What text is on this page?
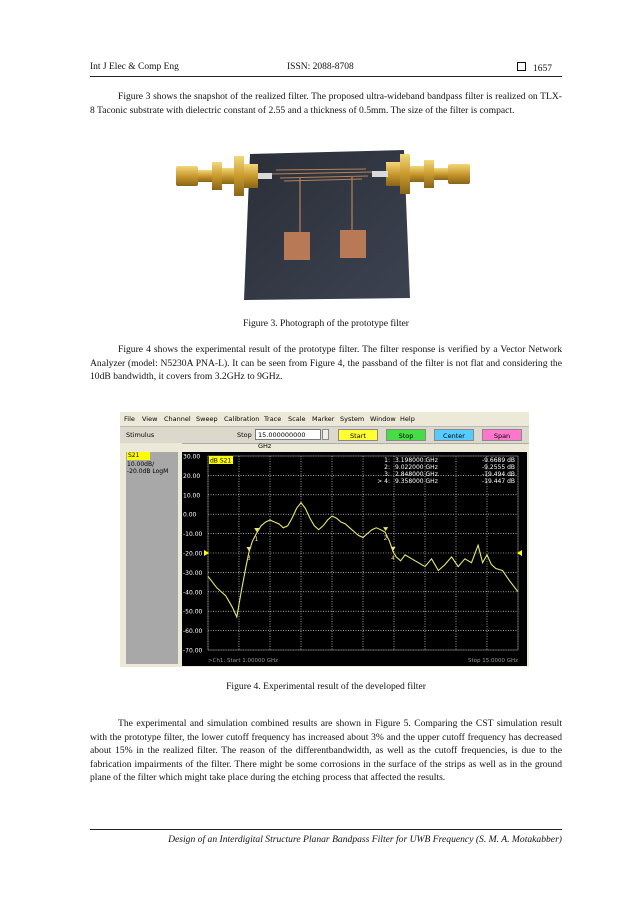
Int J Elec & Comp Eng	ISSN: 2088-8708	1657
Figure 3 shows the snapshot of the realized filter. The proposed ultra-wideband bandpass filter is realized on TLX-8 Taconic substrate with dielectric constant of 2.55 and a thickness of 0.5mm. The size of the filter is compact.
Figure 3. Photograph of the prototype filter
Figure 4 shows the experimental result of the prototype filter. The filter response is verified by a Vector Network Analyzer (model: N5230A PNA-L). It can be seen from Figure 4, the passband of the filter is not flat and considering the 10dB bandwidth, it covers from 3.2GHz to 9GHz.
File View Channel Sweep Calibration Trace Scale Marker System Window Help
Stimulus	Stop 15.000000000 GHz
Start	Stop	Center	Span
S21
10.00dB/
-20.0dB LogM
30.00
20.00
10.00
0.00
-10.00
-20.00
-30.00
-40.00
-50.00
-60.00
-70.00
dB S21	1: 3.198000 GHz	-9.6689 dB
1
2: 9.022000 GHz	-9.2555 dB
2
3: 2.848000 GHz	-19.494 dB
3
> 4: 9.358000 GHz	-19.447 dB
4
>Ch1: Start 1.00000 GHz	Stop 15.0000 GHz
Figure 4. Experimental result of the developed filter
The experimental and simulation combined results are shown in Figure 5. Comparing the CST simulation result with the prototype filter, the lower cutoff frequency has increased about 3% and the upper cutoff frequency has decreased about 15% in the realized filter. The reason of the differentbandwidth, as well as the cutoff frequencies, is due to the fabrication impairments of the filter. There might be some corrosions in the surface of the strips as well as in the ground plane of the filter which might take place during the etching process that affected the results.
Design of an Interdigital Structure Planar Bandpass Filter for UWB Frequency (S. M. A. Motakabber)
